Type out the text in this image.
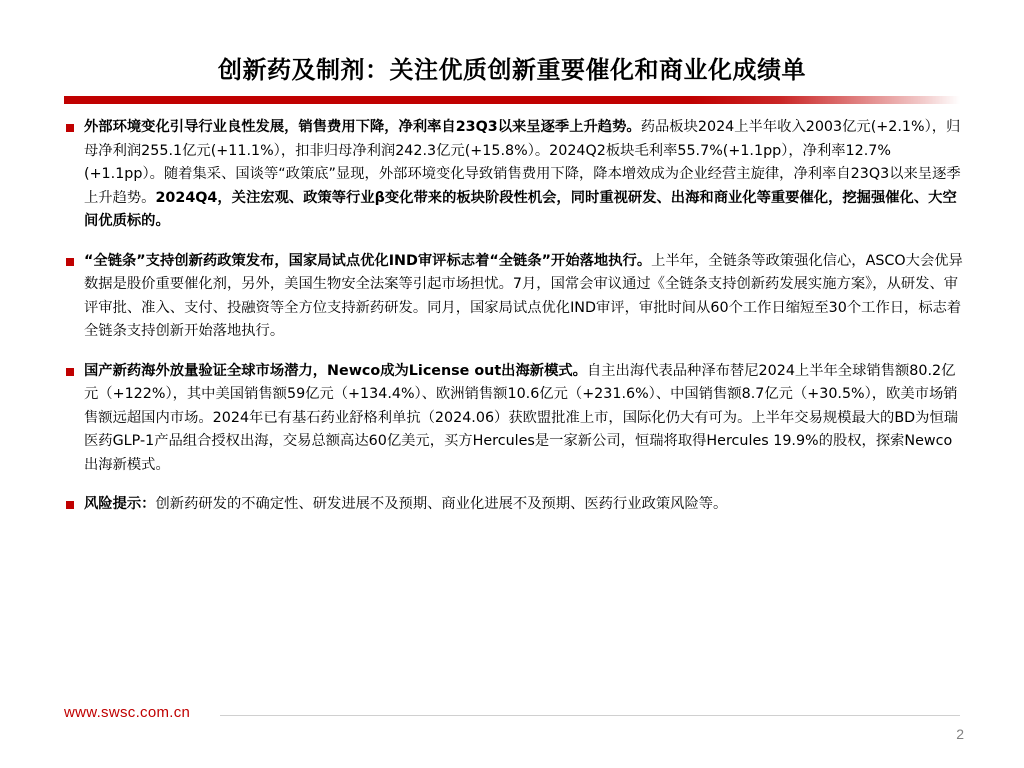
创新药及制剂：关注优质创新重要催化和商业化成绩单
外部环境变化引导行业良性发展，销售费用下降，净利率自23Q3以来呈逐季上升趋势。药品板块2024上半年收入2003亿元(+2.1%），归母净利润255.1亿元(+11.1%），扣非归母净利润242.3亿元(+15.8%）。2024Q2板块毛利率55.7%(+1.1pp），净利率12.7%(+1.1pp）。随着集采、国谈等“政策底”显现，外部环境变化导致销售费用下降，降本增效成为企业经营主旋律，净利率自23Q3以来呈逐季上升趋势。2024Q4，关注宏观、政策等行业β变化带来的板块阶段性机会，同时重视研发、出海和商业化等重要催化，挖掘强催化、大空间优质标的。
“全链条”支持创新药政策发布，国家局试点优化IND审评标志着“全链条”开始落地执行。上半年，全链条等政策强化信心，ASCO大会优异数据是股价重要催化剂，另外，美国生物安全法案等引起市场担忧。7月，国常会审议通过《全链条支持创新药发展实施方案》，从研发、审评审批、准入、支付、投融资等全方位支持新药研发。同月，国家局试点优化IND审评，审批时间从60个工作日缩短至30个工作日，标志着全链条支持创新开始落地执行。
国产新药海外放量验证全球市场潜力，Newco成为License out出海新模式。自主出海代表品种泽布替尼2024上半年全球销售额80.2亿元（+122%），其中美国销售额59亿元（+134.4%）、欧洲销售额10.6亿元（+231.6%）、中国销售额8.7亿元（+30.5%），欧美市场销售额远超国内市场。2024年已有基石药业舒格利单抗（2024.06）获欧盟批准上市，国际化仍大有可为。上半年交易规模最大的BD为恒瑞医药GLP-1产品组合授权出海，交易总额高达60亿美元，买方Hercules是一家新公司，恒瑞将取得Hercules 19.9%的股权，探索Newco出海新模式。
风险提示：创新药研发的不确定性、研发进展不及预期、商业化进展不及预期、医药行业政策风险等。
www.swsc.com.cn
2
